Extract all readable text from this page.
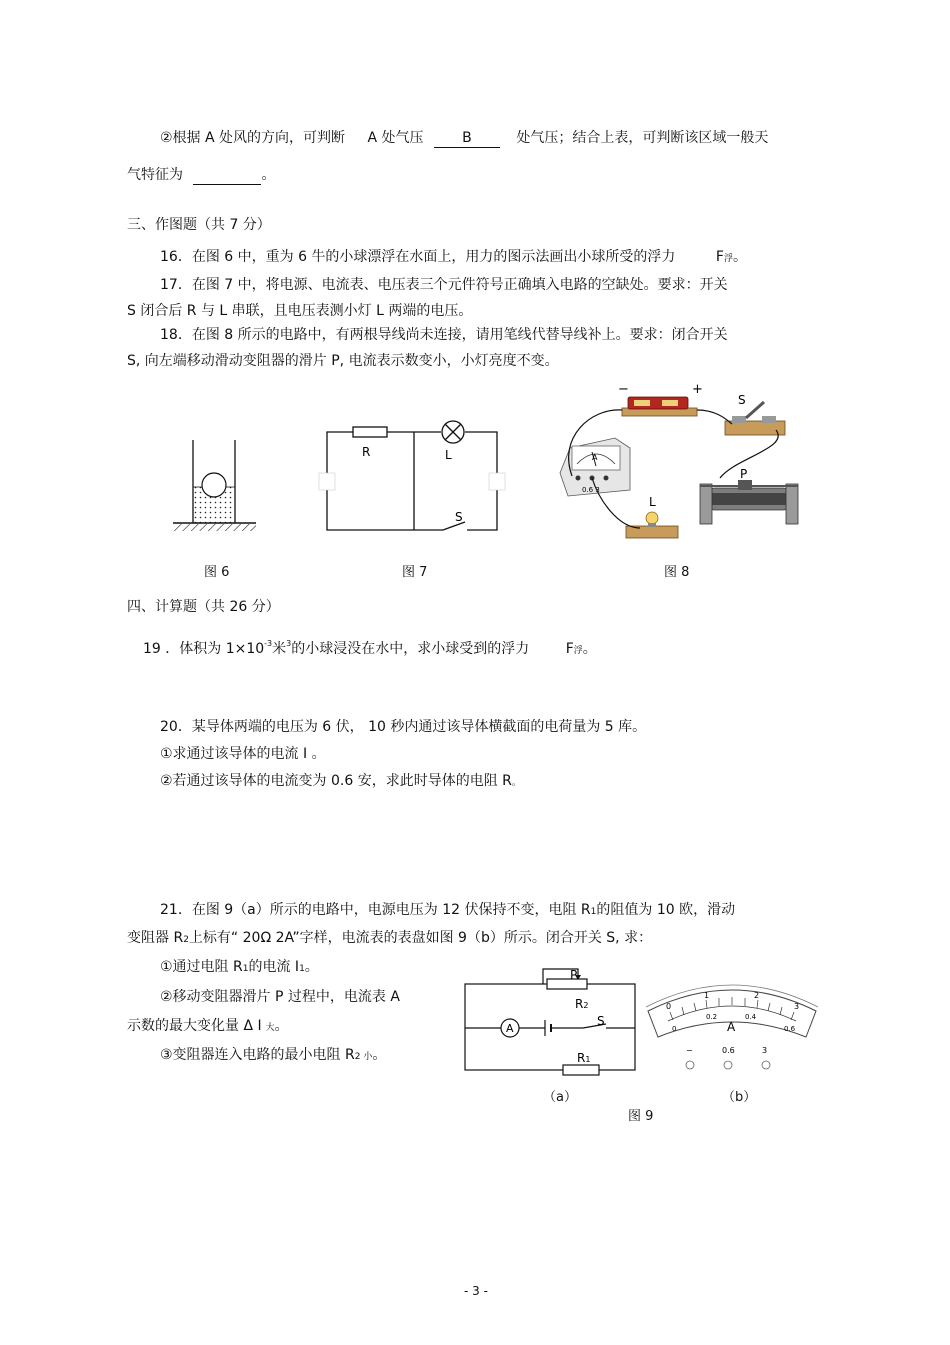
②根据 A 处风的方向，可判断 A 处气压	B	处气压；结合上表，可判断该区域一般天
气特征为	。
三、作图题（共 7 分）
16．在图 6 中，重为 6 牛的小球漂浮在水面上，用力的图示法画出小球所受的浮力	F浮。
17．在图 7 中，将电源、电流表、电压表三个元件符号正确填入电路的空缺处。要求：开关
S 闭合后 R 与 L 串联，且电压表测小灯 L 两端的电压。
18．在图 8 所示的电路中，有两根导线尚未连接，请用笔线代替导线补上。要求：闭合开关
S, 向左端移动滑动变阻器的滑片 P, 电流表示数变小，小灯亮度不变。
图 6
R	L
S
图 7
−	+
S
A
0.6 3
P
L
图 8
四、计算题（共 26 分）
19 ．体积为 $1\times 10^{-3}$米$^3$的小球浸没在水中，求小球受到的浮力	F浮。
20．某导体两端的电压为 6 伏， 10 秒内通过该导体横截面的电荷量为 5 库。
①求通过该导体的电流 I 。
②若通过该导体的电流变为 0.6 安，求此时导体的电阻 R。
21．在图 9（a）所示的电路中，电源电压为 12 伏保持不变，电阻 R1的阻值为 10 欧，滑动
变阻器 R2上标有“ 20Ω 2A”字样，电流表的表盘如图 9（b）所示。闭合开关 S, 求：
①通过电阻 R1的电流 I1。
②移动变阻器滑片 P 过程中，电流表 A
示数的最大变化量 Δ I 大。
③变阻器连入电路的最小电阻 R2 小。
P
R2
A
S
R1
（a）
0
1	2
3
0
0.2	0.4
0.6
A
−	0.6	3
（b）
图 9
- 3 -
